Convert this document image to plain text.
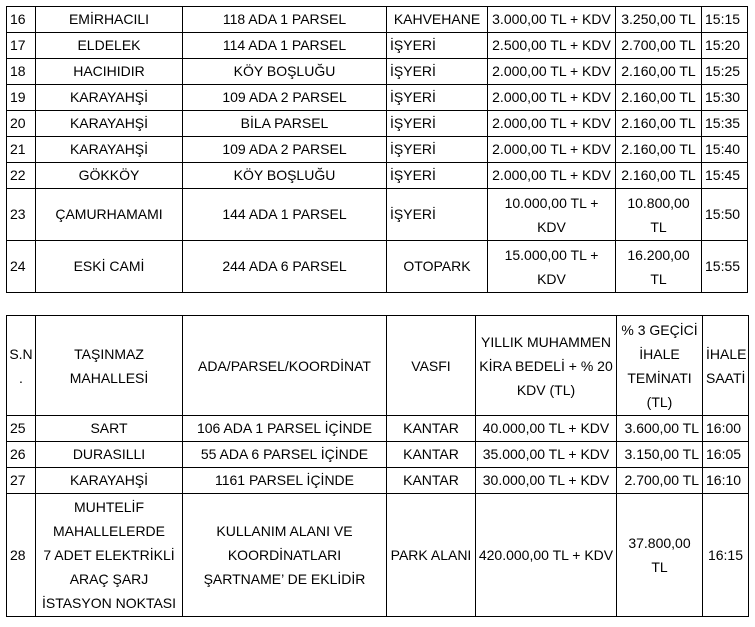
16	EMİRHACILI	118 ADA 1 PARSEL	KAHVEHANE	3.000,00 TL + KDV	3.250,00 TL	15:15
17	ELDELEK	114 ADA 1 PARSEL	İŞYERİ	2.500,00 TL + KDV	2.700,00 TL	15:20
18	HACIHIDIR	KÖY BOŞLUĞU	İŞYERİ	2.000,00 TL + KDV	2.160,00 TL	15:25
19	KARAYAHŞİ	109 ADA 2 PARSEL	İŞYERİ	2.000,00 TL + KDV	2.160,00 TL	15:30
20	KARAYAHŞİ	BİLA PARSEL	İŞYERİ	2.000,00 TL + KDV	2.160,00 TL	15:35
21	KARAYAHŞİ	109 ADA 2 PARSEL	İŞYERİ	2.000,00 TL + KDV	2.160,00 TL	15:40
22	GÖKKÖY	KÖY BOŞLUĞU	İŞYERİ	2.000,00 TL + KDV	2.160,00 TL	15:45
23	ÇAMURHAMAMI	144 ADA 1 PARSEL	İŞYERİ	10.000,00 TL +
KDV	10.800,00
TL	15:50
24	ESKİ CAMİ	244 ADA 6 PARSEL	OTOPARK	15.000,00 TL +
KDV	16.200,00
TL	15:55
S.N
.	TAŞINMAZ
MAHALLESİ	ADA/PARSEL/KOORDİNAT	VASFI	YILLIK MUHAMMEN
KİRA BEDELİ + % 20
KDV (TL)	% 3 GEÇİCİ
İHALE
TEMİNATI
(TL)	İHALE
SAATİ
25	SART	106 ADA 1 PARSEL İÇİNDE	KANTAR	40.000,00 TL + KDV	3.600,00 TL	16:00
26	DURASILLI	55 ADA 6 PARSEL İÇİNDE	KANTAR	35.000,00 TL + KDV	3.150,00 TL	16:05
27	KARAYAHŞİ	1161 PARSEL İÇİNDE	KANTAR	30.000,00 TL + KDV	2.700,00 TL	16:10
28	MUHTELİF
MAHALLELERDE
7 ADET ELEKTRİKLİ
ARAÇ ŞARJ
İSTASYON NOKTASI	KULLANIM ALANI VE
KOORDİNATLARI
ŞARTNAME’ DE EKLİDİR	PARK ALANI	420.000,00 TL + KDV	37.800,00
TL	16:15
